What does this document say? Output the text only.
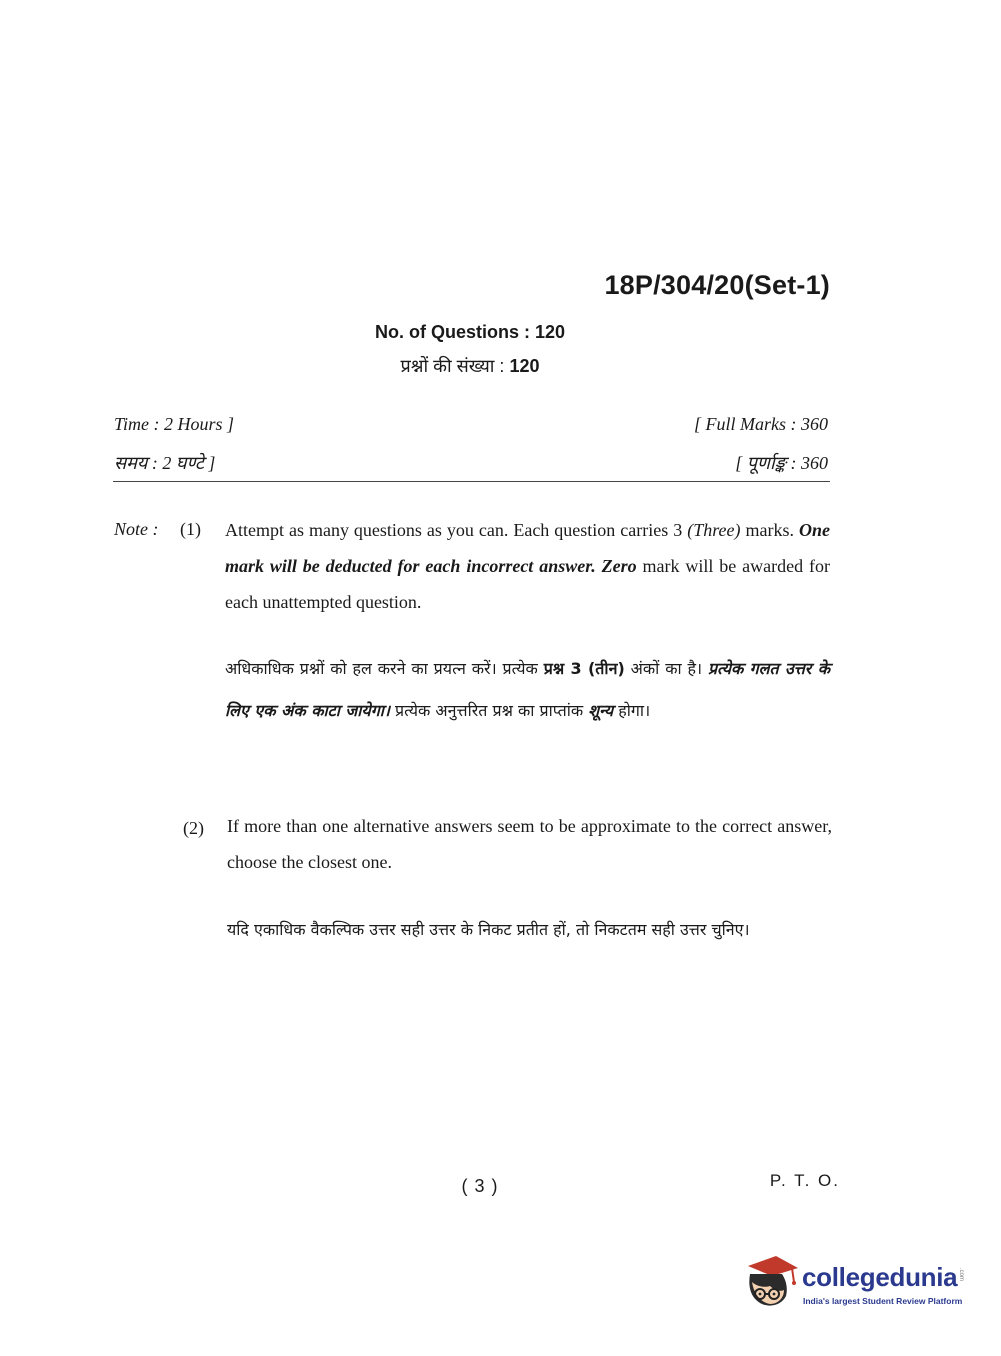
18P/304/20(Set-1)
No. of Questions : 120
प्रश्नों की संख्या : 120
Time : 2 Hours ]
समय : 2 घण्टे ]
[ Full Marks : 360
[ पूर्णाङ्क : 360
Note : (1) Attempt as many questions as you can. Each question carries 3 (Three) marks. One mark will be deducted for each incorrect answer. Zero mark will be awarded for each unattempted question.
अधिकाधिक प्रश्नों को हल करने का प्रयत्न करें। प्रत्येक प्रश्न 3 (तीन) अंकों का है। प्रत्येक गलत उत्तर के लिए एक अंक काटा जायेगा। प्रत्येक अनुत्तरित प्रश्न का प्राप्तांक शून्य होगा।
(2) If more than one alternative answers seem to be approximate to the correct answer, choose the closest one.
यदि एकाधिक वैकल्पिक उत्तर सही उत्तर के निकट प्रतीत हों, तो निकटतम सही उत्तर चुनिए।
( 3 )	P. T. O.
collegedunia .com
India's largest Student Review Platform
